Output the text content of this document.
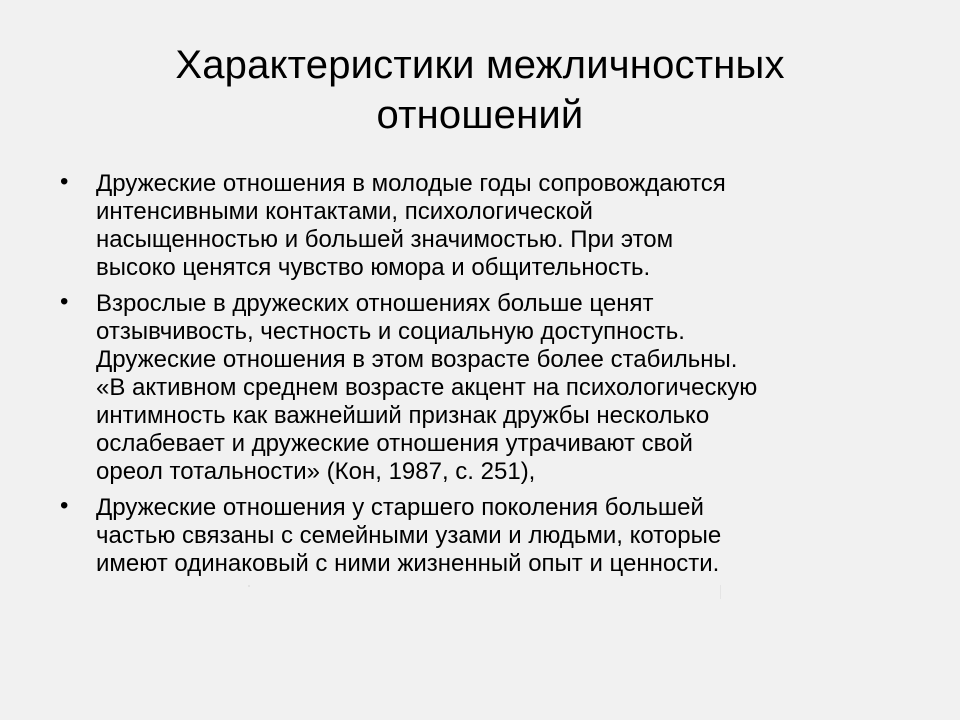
Характеристики межличностных
отношений
• Дружеские отношения в молодые годы сопровождаются
интенсивными контактами, психологической
насыщенностью и большей значимостью. При этом
высоко ценятся чувство юмора и общительность.
• Взрослые в дружеских отношениях больше ценят
отзывчивость, честность и социальную доступность.
Дружеские отношения в этом возрасте более стабильны.
«В активном среднем возрасте акцент на психологическую
интимность как важнейший признак дружбы несколько
ослабевает и дружеские отношения утрачивают свой
ореол тотальности» (Кон, 1987, с. 251),
• Дружеские отношения у старшего поколения большей
частью связаны с семейными узами и людьми, которые
имеют одинаковый с ними жизненный опыт и ценности.
